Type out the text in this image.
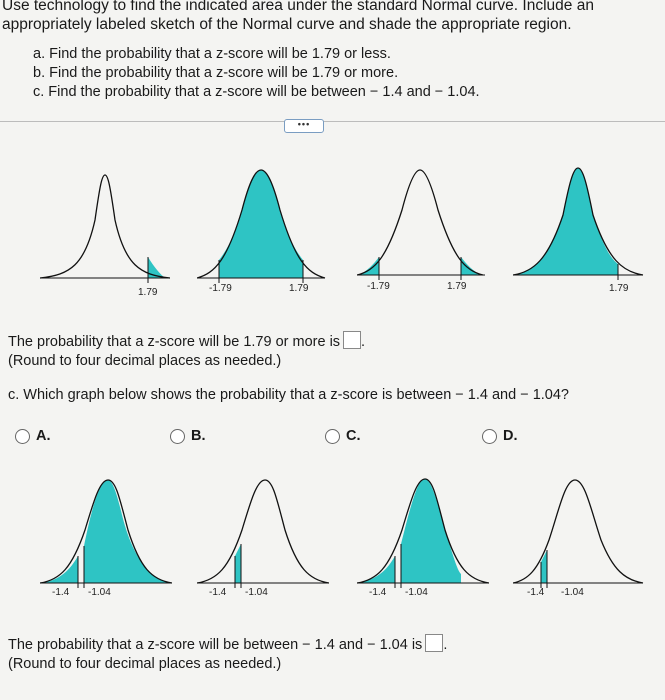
Use technology to find the indicated area under the standard Normal curve. Include an
appropriately labeled sketch of the Normal curve and shade the appropriate region.
a. Find the probability that a z-score will be 1.79 or less.
b. Find the probability that a z-score will be 1.79 or more.
c. Find the probability that a z-score will be between − 1.4 and − 1.04.
•••
1.79	-1.79	1.79	-1.79	1.79	1.79
The probability that a z-score will be 1.79 or more is .
(Round to four decimal places as needed.)
c. Which graph below shows the probability that a z-score is between − 1.4 and − 1.04?
A.	B.	C.	D.
-1.4 -1.04	-1.4 -1.04	-1.4 -1.04	-1.4 -1.04
The probability that a z-score will be between − 1.4 and − 1.04 is .
(Round to four decimal places as needed.)
